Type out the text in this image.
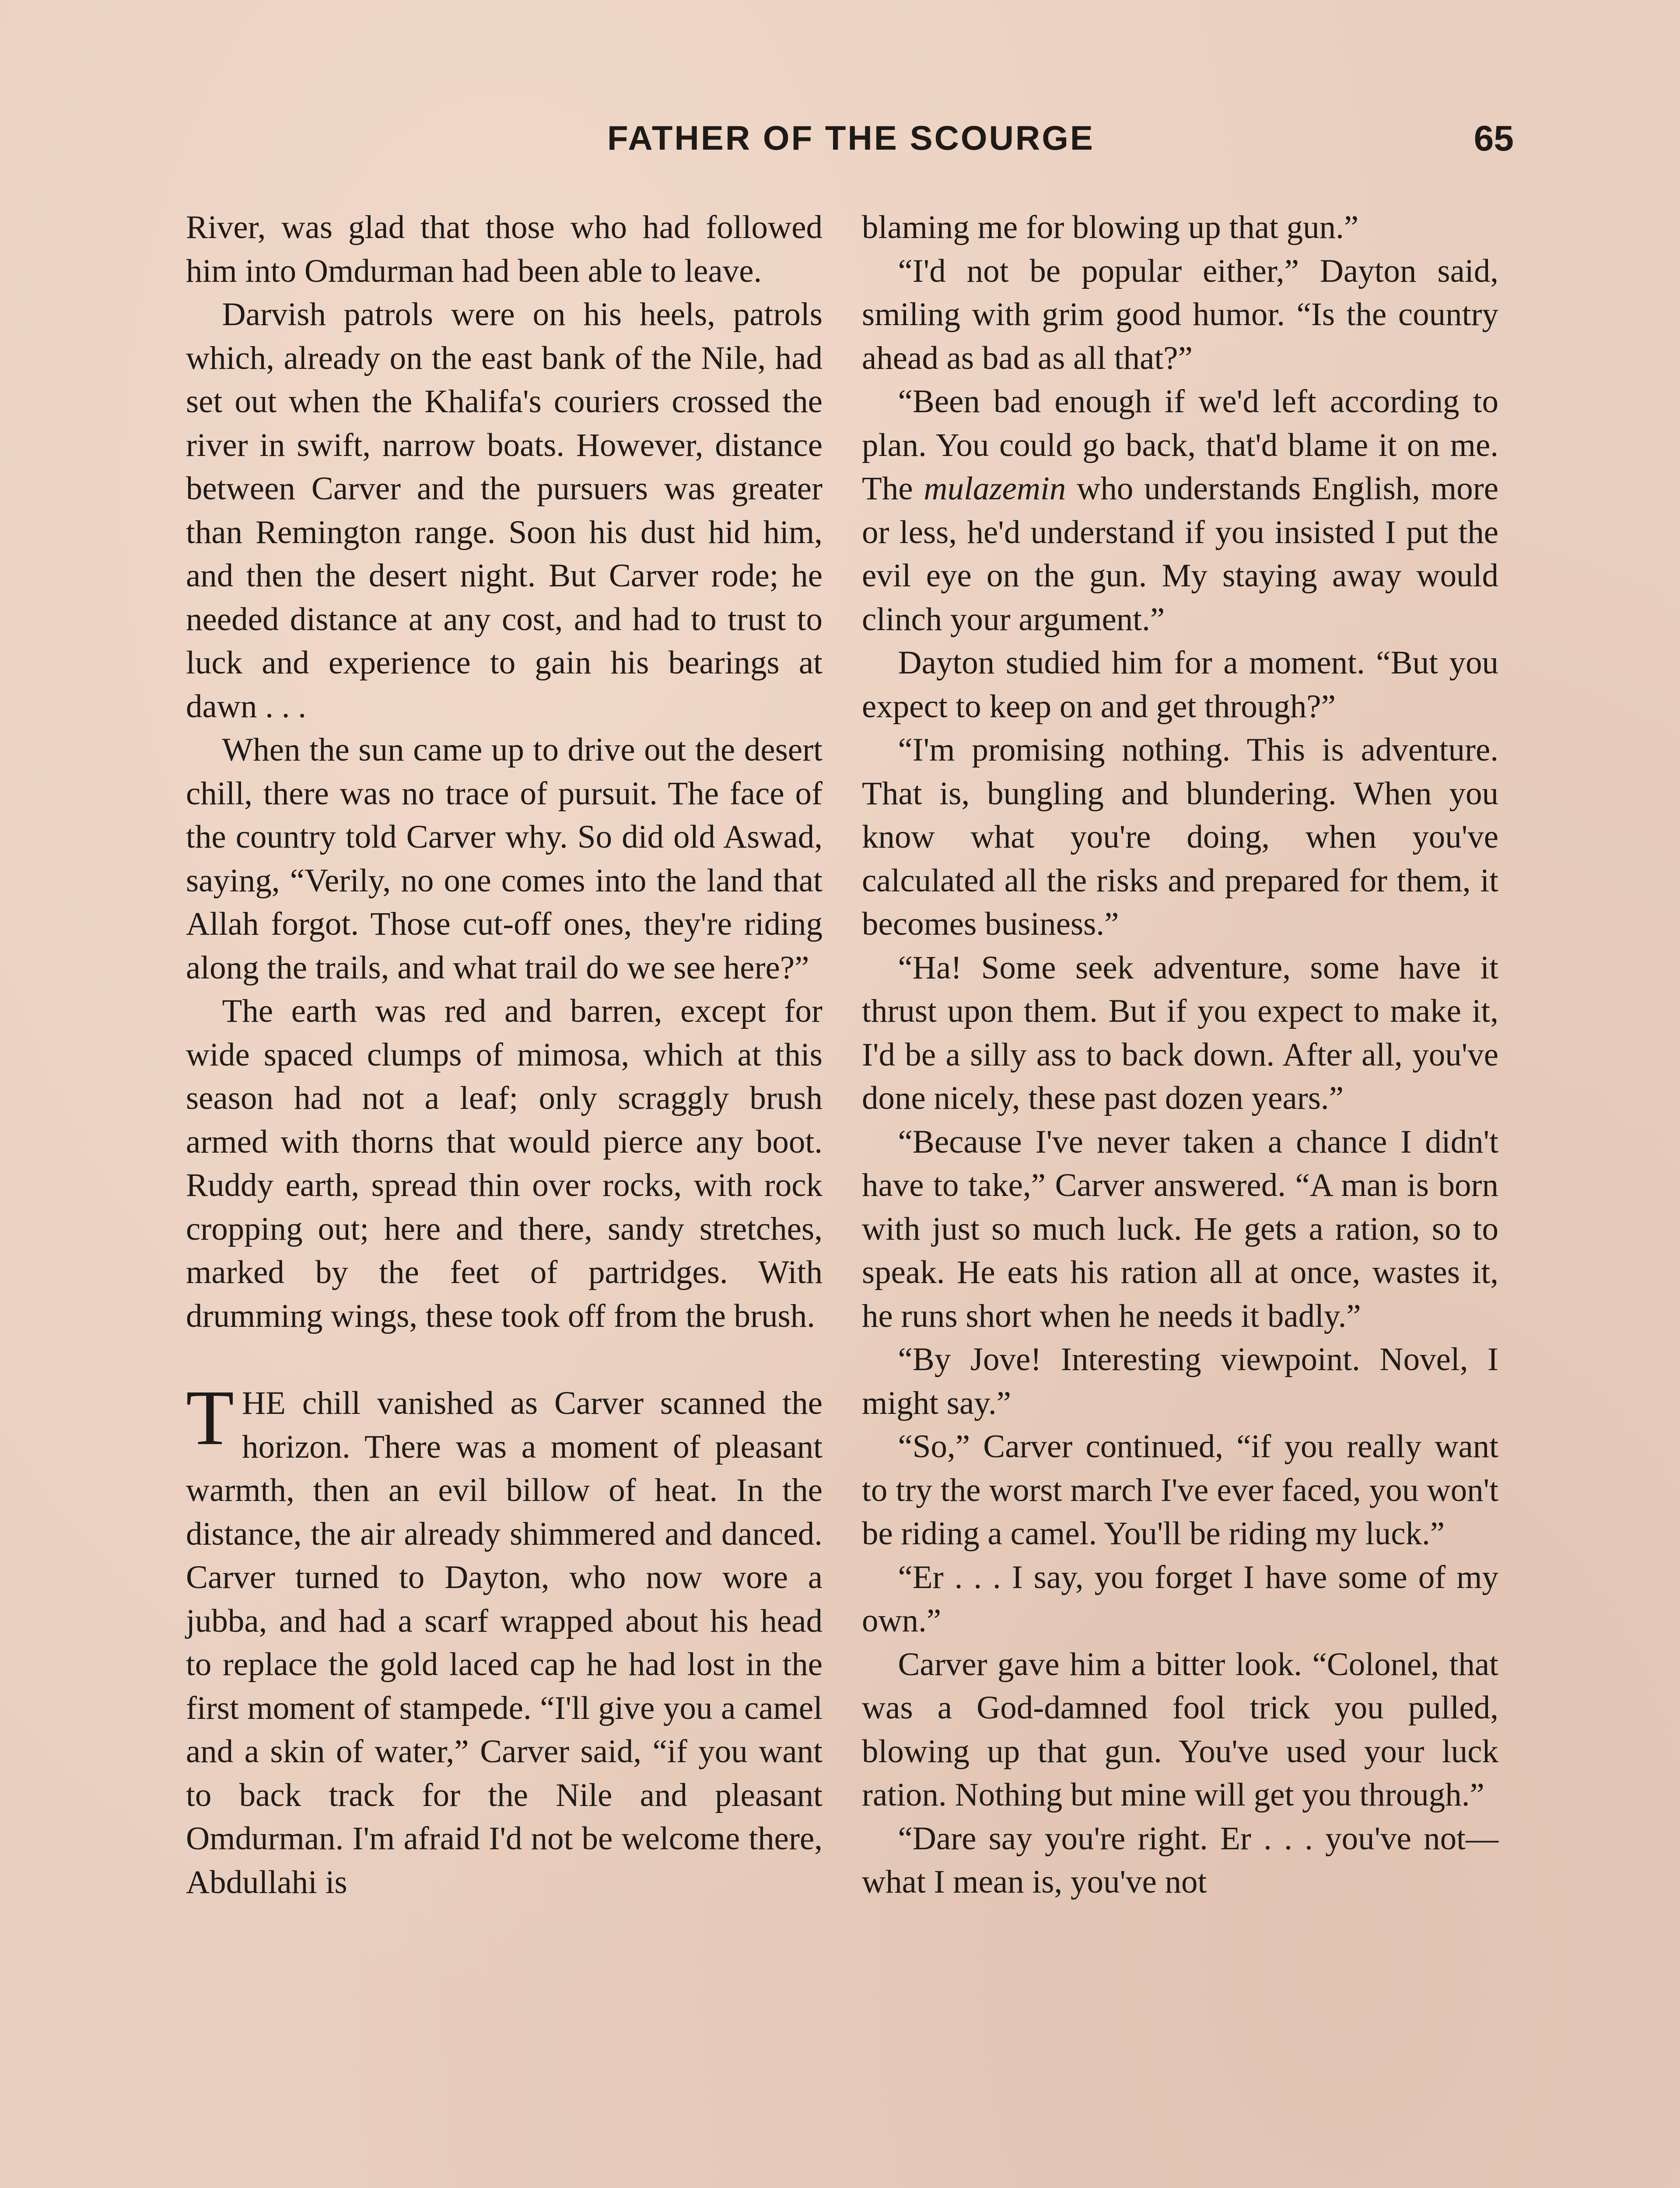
FATHER OF THE SCOURGE	65

River, was glad that those who had followed him into Omdurman had been able to leave.

Darvish patrols were on his heels, patrols which, already on the east bank of the Nile, had set out when the Khalifa's couriers crossed the river in swift, narrow boats. However, distance between Carver and the pursuers was greater than Remington range. Soon his dust hid him, and then the desert night. But Carver rode; he needed distance at any cost, and had to trust to luck and experience to gain his bearings at dawn . . .

When the sun came up to drive out the desert chill, there was no trace of pursuit. The face of the country told Carver why. So did old Aswad, saying, “Verily, no one comes into the land that Allah forgot. Those cut-off ones, they're riding along the trails, and what trail do we see here?”

The earth was red and barren, except for wide spaced clumps of mimosa, which at this season had not a leaf; only scraggly brush armed with thorns that would pierce any boot. Ruddy earth, spread thin over rocks, with rock cropping out; here and there, sandy stretches, marked by the feet of partridges. With drumming wings, these took off from the brush.

THE chill vanished as Carver scanned the horizon. There was a moment of pleasant warmth, then an evil billow of heat. In the distance, the air already shimmered and danced. Carver turned to Dayton, who now wore a jubba, and had a scarf wrapped about his head to replace the gold laced cap he had lost in the first moment of stampede. “I'll give you a camel and a skin of water,” Carver said, “if you want to back track for the Nile and pleasant Omdurman. I'm afraid I'd not be welcome there, Abdullahi is

blaming me for blowing up that gun.”

“I'd not be popular either,” Dayton said, smiling with grim good humor. “Is the country ahead as bad as all that?”

“Been bad enough if we'd left according to plan. You could go back, that'd blame it on me. The mulazemin who understands English, more or less, he'd understand if you insisted I put the evil eye on the gun. My staying away would clinch your argument.”

Dayton studied him for a moment. “But you expect to keep on and get through?”

“I'm promising nothing. This is adventure. That is, bungling and blundering. When you know what you're doing, when you've calculated all the risks and prepared for them, it becomes business.”

“Ha! Some seek adventure, some have it thrust upon them. But if you expect to make it, I'd be a silly ass to back down. After all, you've done nicely, these past dozen years.”

“Because I've never taken a chance I didn't have to take,” Carver answered. “A man is born with just so much luck. He gets a ration, so to speak. He eats his ration all at once, wastes it, he runs short when he needs it badly.”

“By Jove! Interesting viewpoint. Novel, I might say.”

“So,” Carver continued, “if you really want to try the worst march I've ever faced, you won't be riding a camel. You'll be riding my luck.”

“Er . . . I say, you forget I have some of my own.”

Carver gave him a bitter look. “Colonel, that was a God-damned fool trick you pulled, blowing up that gun. You've used your luck ration. Nothing but mine will get you through.”

“Dare say you're right. Er . . . you've not—what I mean is, you've not
